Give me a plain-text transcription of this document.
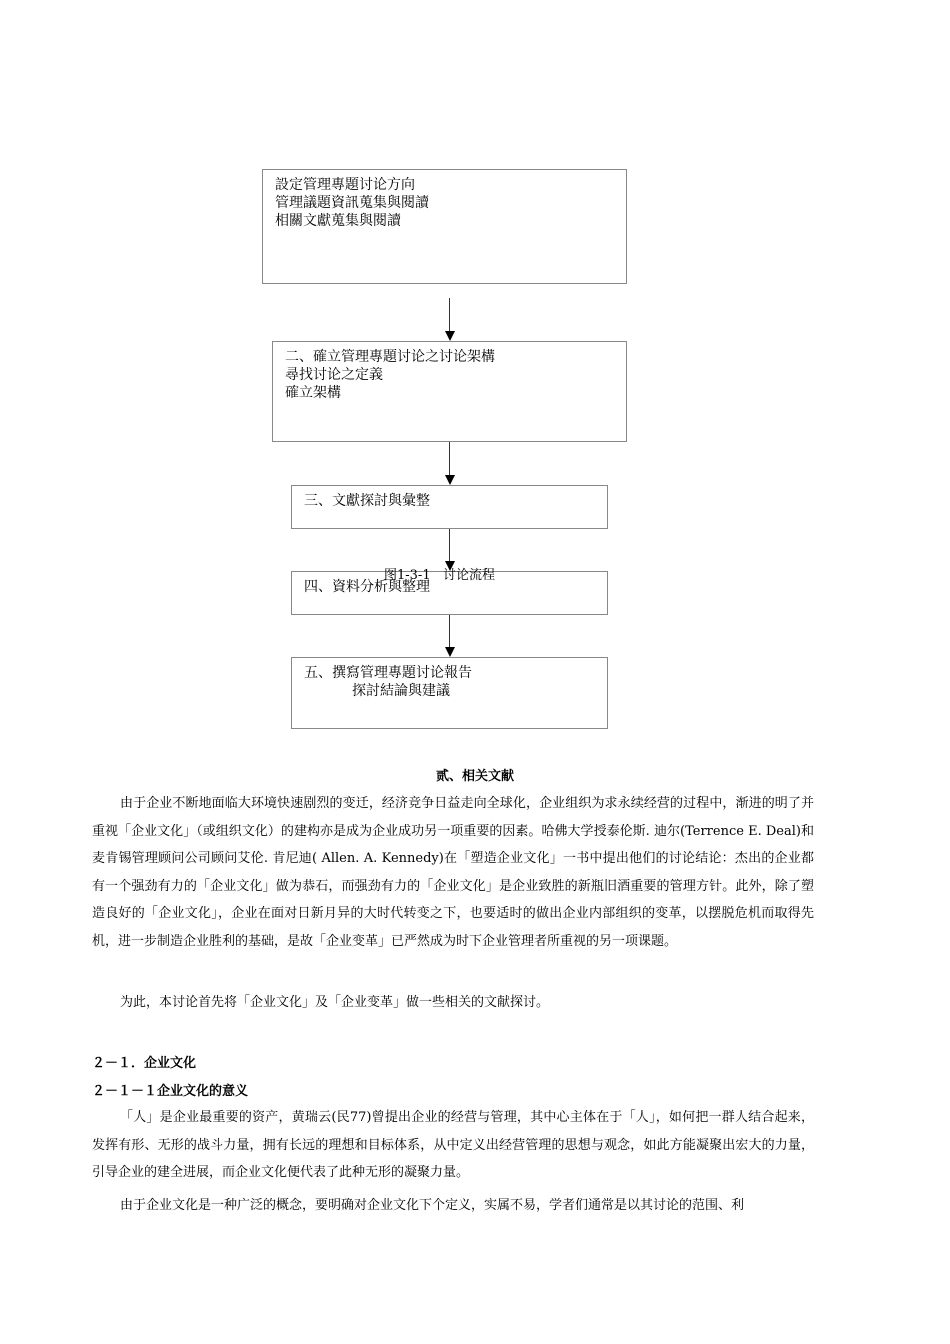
設定管理專題讨论方向
管理議題資訊蒐集與閱讀
相關文獻蒐集與閱讀
二、確立管理專題讨论之讨论架構
尋找讨论之定義
確立架構
三、文獻探討與彙整
四、資料分析與整理
图1-3-1   讨论流程
五、撰寫管理專題讨论報告
探討結論與建議
贰、相关文献

由于企业不断地面临大环境快速剧烈的变迁，经济竞争日益走向全球化，企业组织为求永续经营的过程中，渐进的明了并重视「企业文化」（或组织文化）的建构亦是成为企业成功另一项重要的因素。哈佛大学授泰伦斯. 迪尔(Terrence E. Deal)和麦肯锡管理顾问公司顾问艾伦. 肯尼迪( Allen. A. Kennedy)在「塑造企业文化」一书中提出他们的讨论结论：杰出的企业都有一个强劲有力的「企业文化」做为恭石，而强劲有力的「企业文化」是企业致胜的新瓶旧酒重要的管理方针。此外，除了塑造良好的「企业文化」，企业在面对日新月异的大时代转变之下，也要适时的做出企业内部组织的变革，以摆脱危机而取得先机，进一步制造企业胜利的基础，是故「企业变革」已严然成为时下企业管理者所重视的另一项课题。

为此，本讨论首先将「企业文化」及「企业变革」做一些相关的文献探讨。

２－１．企业文化
２－１－１企业文化的意义

「人」是企业最重要的资产，黄瑞云(民77)曾提出企业的经营与管理，其中心主体在于「人」，如何把一群人结合起来，发挥有形、无形的战斗力量，拥有长远的理想和目标体系，从中定义出经营管理的思想与观念，如此方能凝聚出宏大的力量，引导企业的建全进展，而企业文化便代表了此种无形的凝聚力量。

由于企业文化是一种广泛的概念，要明确对企业文化下个定义，实属不易，学者们通常是以其讨论的范围、利
